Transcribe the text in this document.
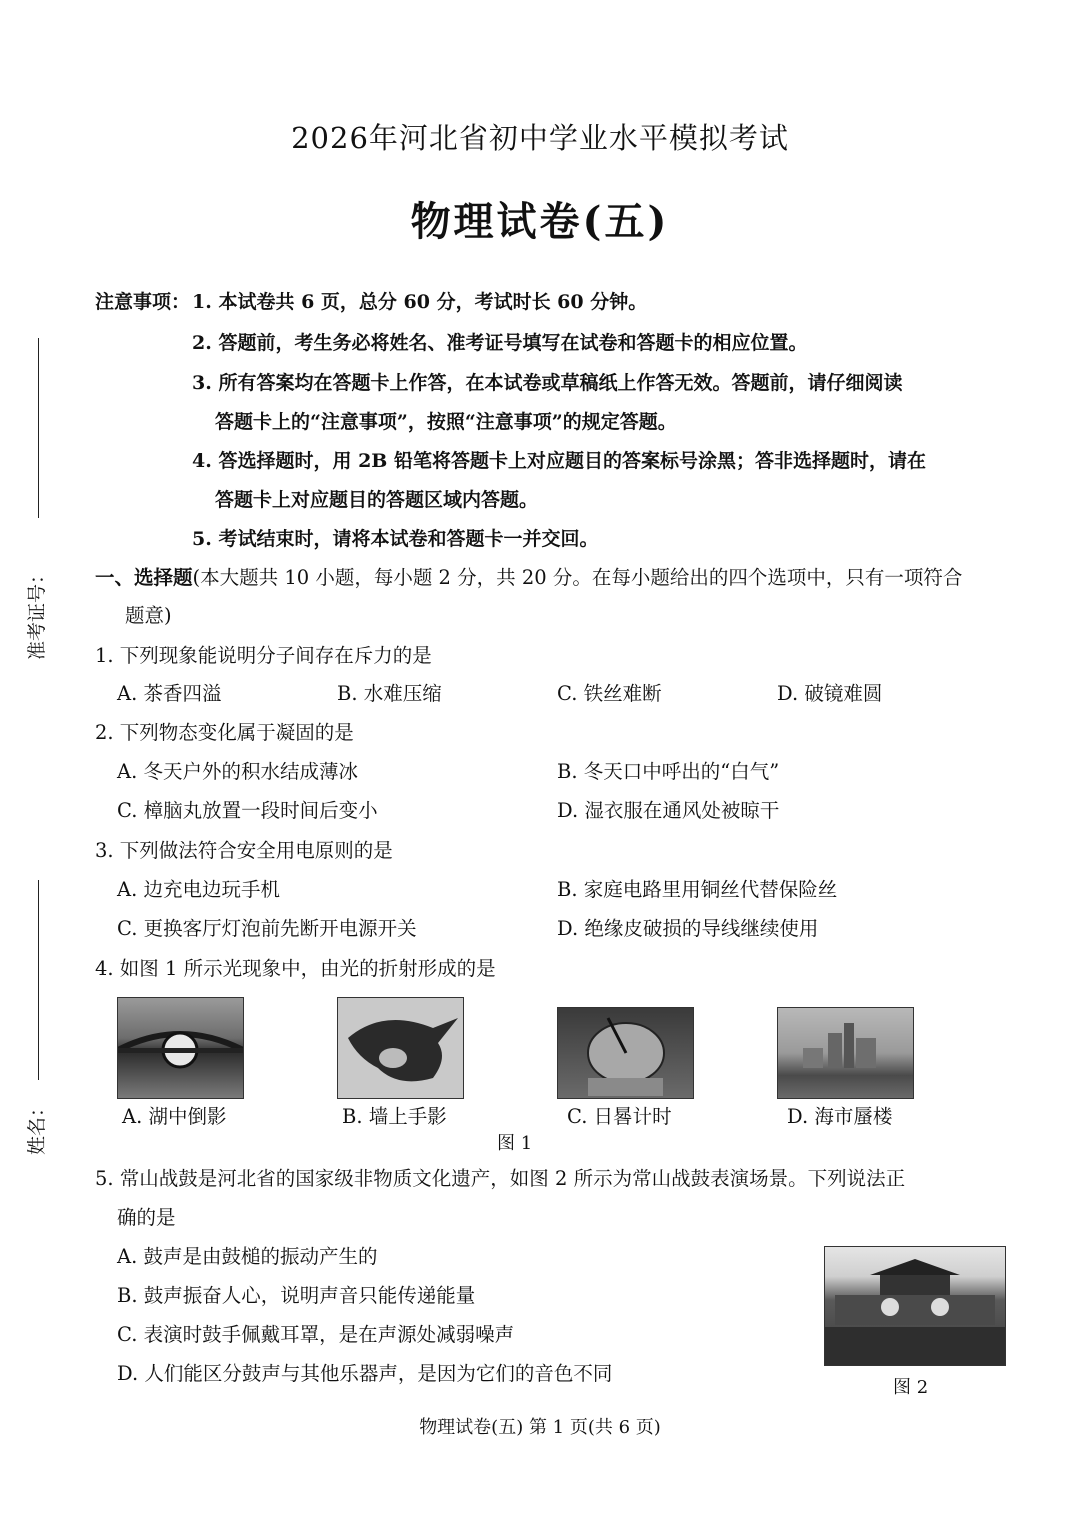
2026年河北省初中学业水平模拟考试
物理试卷(五)
准考证号：
姓名：
注意事项： 1. 本试卷共 6 页，总分 60 分，考试时长 60 分钟。
2. 答题前，考生务必将姓名、准考证号填写在试卷和答题卡的相应位置。
3. 所有答案均在答题卡上作答，在本试卷或草稿纸上作答无效。答题前，请仔细阅读
答题卡上的“注意事项”，按照“注意事项”的规定答题。
4. 答选择题时，用 2B 铅笔将答题卡上对应题目的答案标号涂黑；答非选择题时，请在
答题卡上对应题目的答题区域内答题。
5. 考试结束时，请将本试卷和答题卡一并交回。
一、选择题(本大题共 10 小题，每小题 2 分，共 20 分。在每小题给出的四个选项中，只有一项符合
题意)
1. 下列现象能说明分子间存在斥力的是
A. 茶香四溢	B. 水难压缩	C. 铁丝难断	D. 破镜难圆
2. 下列物态变化属于凝固的是
A. 冬天户外的积水结成薄冰	B. 冬天口中呼出的“白气”
C. 樟脑丸放置一段时间后变小	D. 湿衣服在通风处被晾干
3. 下列做法符合安全用电原则的是
A. 边充电边玩手机	B. 家庭电路里用铜丝代替保险丝
C. 更换客厅灯泡前先断开电源开关	D. 绝缘皮破损的导线继续使用
4. 如图 1 所示光现象中，由光的折射形成的是
A. 湖中倒影	B. 墙上手影	C. 日晷计时	D. 海市蜃楼
图 1
5. 常山战鼓是河北省的国家级非物质文化遗产，如图 2 所示为常山战鼓表演场景。下列说法正
确的是
A. 鼓声是由鼓槌的振动产生的
B. 鼓声振奋人心，说明声音只能传递能量
C. 表演时鼓手佩戴耳罩，是在声源处减弱噪声
D. 人们能区分鼓声与其他乐器声，是因为它们的音色不同
图 2
物理试卷(五) 第 1 页(共 6 页)
